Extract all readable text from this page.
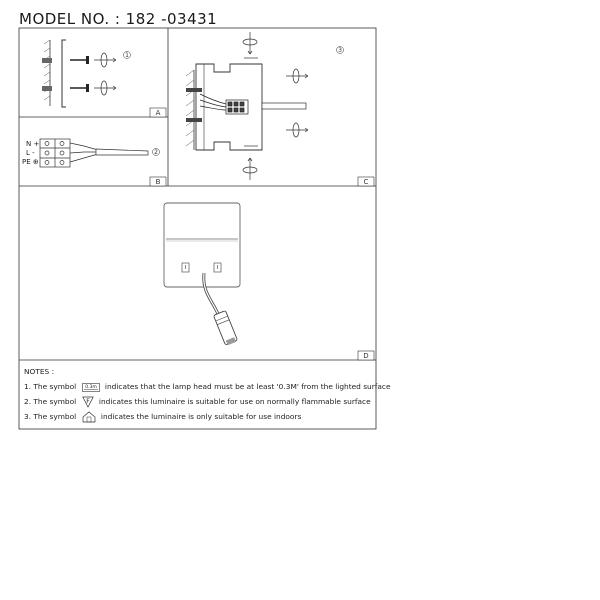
MODEL NO. : 182 -03431
A
B	C
D
1
N +
L -
PE ⊕
2
3
NOTES :
1. The symbol 0.3m indicates that the lamp head must be at least '0.3M' from the lighted surface
2. The symbol F indicates this luminaire is suitable for use on normally flammable surface
3. The symbol	indicates the luminaire is only suitable for use indoors
